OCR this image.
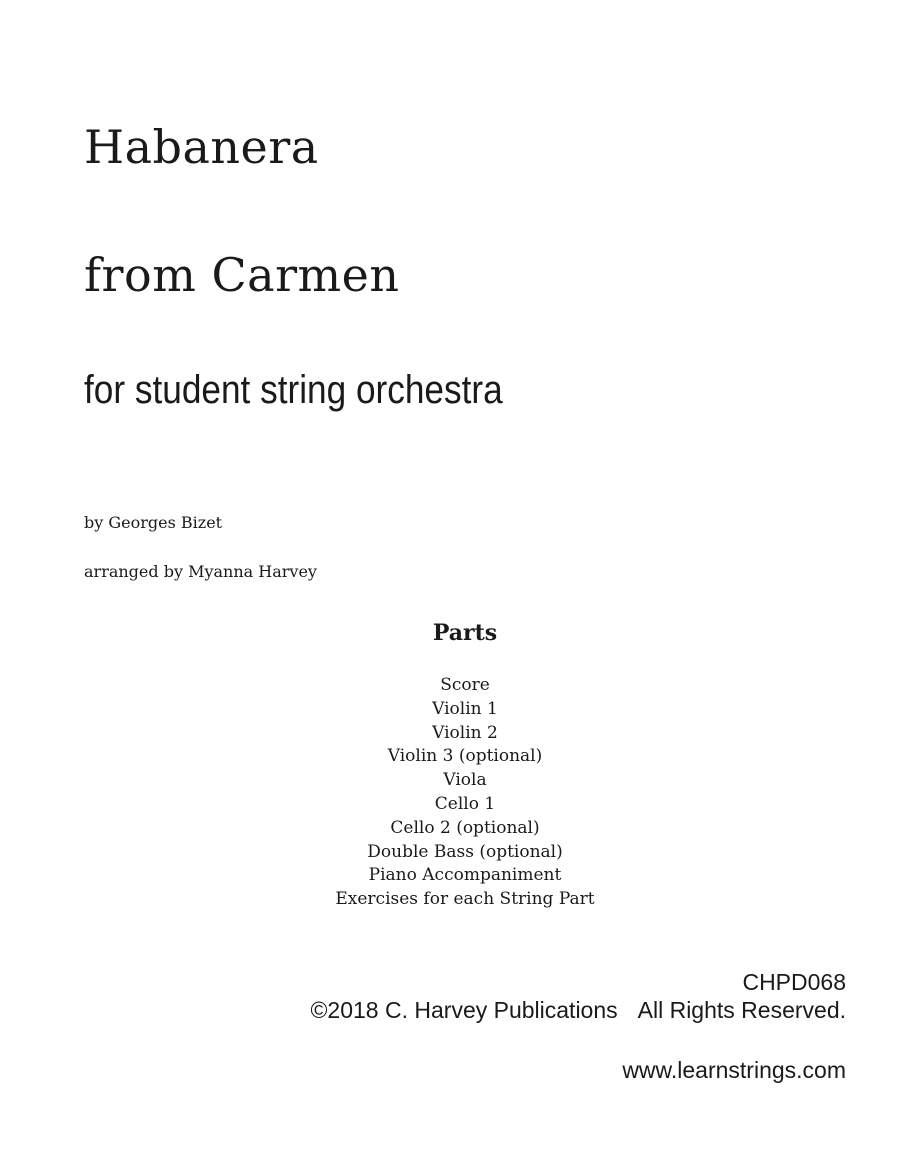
Habanera
from Carmen

for student string orchestra

by Georges Bizet

arranged by Myanna Harvey

Parts
Score
Violin 1
Violin 2
Violin 3 (optional)
Viola
Cello 1
Cello 2 (optional)
Double Bass (optional)
Piano Accompaniment
Exercises for each String Part

CHPD068

©2018 C. Harvey Publications All Rights Reserved.

www.learnstrings.com
